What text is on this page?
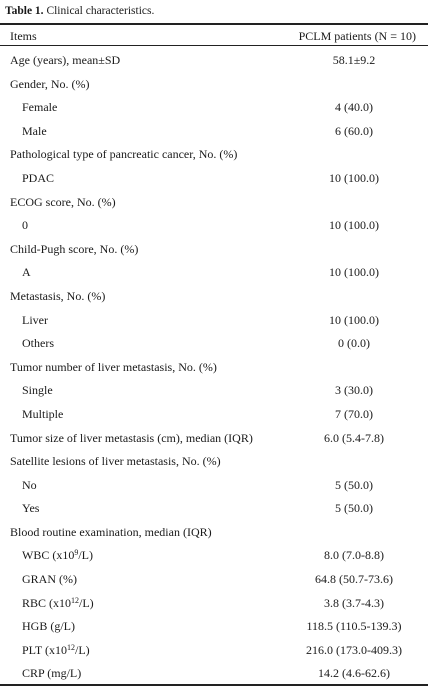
Table 1. Clinical characteristics.
Items	PCLM patients (N = 10)
Age (years), mean±SD	58.1±9.2
Gender, No. (%)
Female	4 (40.0)
Male	6 (60.0)
Pathological type of pancreatic cancer, No. (%)
PDAC	10 (100.0)
ECOG score, No. (%)
0	10 (100.0)
Child-Pugh score, No. (%)
A	10 (100.0)
Metastasis, No. (%)
Liver	10 (100.0)
Others	0 (0.0)
Tumor number of liver metastasis, No. (%)
Single	3 (30.0)
Multiple	7 (70.0)
Tumor size of liver metastasis (cm), median (IQR)	6.0 (5.4-7.8)
Satellite lesions of liver metastasis, No. (%)
No	5 (50.0)
Yes	5 (50.0)
Blood routine examination, median (IQR)
WBC $(x10^9/L)$	8.0 (7.0-8.8)
GRAN (%)	64.8 (50.7-73.6)
RBC $(x10^{12}/L)$	3.8 (3.7-4.3)
HGB (g/L)	118.5 (110.5-139.3)
PLT $(x10^{12}/L)$	216.0 (173.0-409.3)
CRP (mg/L)	14.2 (4.6-62.6)
